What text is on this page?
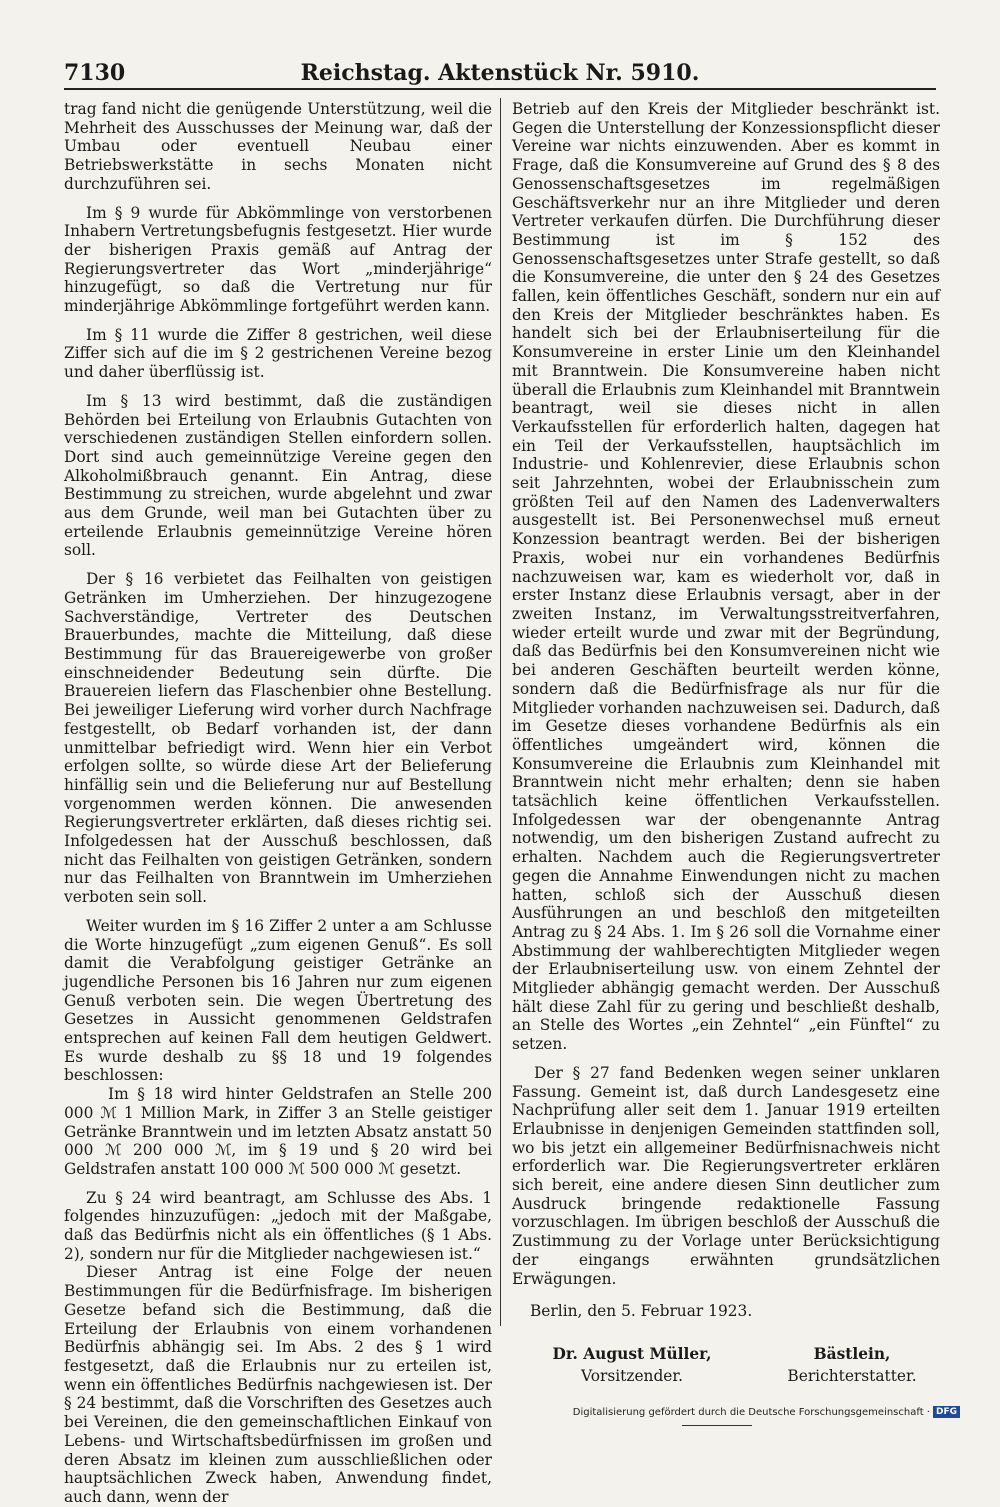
Reichstag. Aktenstück Nr. 5910.
7130

trag fand nicht die genügende Unterstützung, weil die Mehrheit des Ausschusses der Meinung war, daß der Umbau oder eventuell Neubau einer Betriebswerkstätte in sechs Monaten nicht durchzuführen sei.

Im § 9 wurde für Abkömmlinge von verstorbenen Inhabern Vertretungsbefugnis festgesetzt. Hier wurde der bisherigen Praxis gemäß auf Antrag der Regierungsvertreter das Wort „minderjährige“ hinzugefügt, so daß die Vertretung nur für minderjährige Abkömmlinge fortgeführt werden kann.

Im § 11 wurde die Ziffer 8 gestrichen, weil diese Ziffer sich auf die im § 2 gestrichenen Vereine bezog und daher überflüssig ist.

Im § 13 wird bestimmt, daß die zuständigen Behörden bei Erteilung von Erlaubnis Gutachten von verschiedenen zuständigen Stellen einfordern sollen. Dort sind auch gemeinnützige Vereine gegen den Alkoholmißbrauch genannt. Ein Antrag, diese Bestimmung zu streichen, wurde abgelehnt und zwar aus dem Grunde, weil man bei Gutachten über zu erteilende Erlaubnis gemeinnützige Vereine hören soll.

Der § 16 verbietet das Feilhalten von geistigen Getränken im Umherziehen. Der hinzugezogene Sachverständige, Vertreter des Deutschen Brauerbundes, machte die Mitteilung, daß diese Bestimmung für das Brauereigewerbe von großer einschneidender Bedeutung sein dürfte. Die Brauereien liefern das Flaschenbier ohne Bestellung. Bei jeweiliger Lieferung wird vorher durch Nachfrage festgestellt, ob Bedarf vorhanden ist, der dann unmittelbar befriedigt wird. Wenn hier ein Verbot erfolgen sollte, so würde diese Art der Belieferung hinfällig sein und die Belieferung nur auf Bestellung vorgenommen werden können. Die anwesenden Regierungsvertreter erklärten, daß dieses richtig sei. Infolgedessen hat der Ausschuß beschlossen, daß nicht das Feilhalten von geistigen Getränken, sondern nur das Feilhalten von Branntwein im Umherziehen verboten sein soll.

Weiter wurden im § 16 Ziffer 2 unter a am Schlusse die Worte hinzugefügt „zum eigenen Genuß“. Es soll damit die Verabfolgung geistiger Getränke an jugendliche Personen bis 16 Jahren nur zum eigenen Genuß verboten sein. Die wegen Übertretung des Gesetzes in Aussicht genommenen Geldstrafen entsprechen auf keinen Fall dem heutigen Geldwert. Es wurde deshalb zu §§ 18 und 19 folgendes beschlossen:

Im § 18 wird hinter Geldstrafen an Stelle 200 000 ℳ 1 Million Mark, in Ziffer 3 an Stelle geistiger Getränke Branntwein und im letzten Absatz anstatt 50 000 ℳ 200 000 ℳ, im § 19 und § 20 wird bei Geldstrafen anstatt 100 000 ℳ 500 000 ℳ gesetzt.

Zu § 24 wird beantragt, am Schlusse des Abs. 1 folgendes hinzuzufügen: „jedoch mit der Maßgabe, daß das Bedürfnis nicht als ein öffentliches (§ 1 Abs. 2), sondern nur für die Mitglieder nachgewiesen ist.“

Dieser Antrag ist eine Folge der neuen Bestimmungen für die Bedürfnisfrage. Im bisherigen Gesetze befand sich die Bestimmung, daß die Erteilung der Erlaubnis von einem vorhandenen Bedürfnis abhängig sei. Im Abs. 2 des § 1 wird festgesetzt, daß die Erlaubnis nur zu erteilen ist, wenn ein öffentliches Bedürfnis nachgewiesen ist. Der § 24 bestimmt, daß die Vorschriften des Gesetzes auch bei Vereinen, die den gemeinschaftlichen Einkauf von Lebens- und Wirtschaftsbedürfnissen im großen und deren Absatz im kleinen zum ausschließlichen oder hauptsächlichen Zweck haben, Anwendung findet, auch dann, wenn der

Betrieb auf den Kreis der Mitglieder beschränkt ist. Gegen die Unterstellung der Konzessionspflicht dieser Vereine war nichts einzuwenden. Aber es kommt in Frage, daß die Konsumvereine auf Grund des § 8 des Genossenschaftsgesetzes im regelmäßigen Geschäftsverkehr nur an ihre Mitglieder und deren Vertreter verkaufen dürfen. Die Durchführung dieser Bestimmung ist im § 152 des Genossenschaftsgesetzes unter Strafe gestellt, so daß die Konsumvereine, die unter den § 24 des Gesetzes fallen, kein öffentliches Geschäft, sondern nur ein auf den Kreis der Mitglieder beschränktes haben. Es handelt sich bei der Erlaubniserteilung für die Konsumvereine in erster Linie um den Kleinhandel mit Branntwein. Die Konsumvereine haben nicht überall die Erlaubnis zum Kleinhandel mit Branntwein beantragt, weil sie dieses nicht in allen Verkaufsstellen für erforderlich halten, dagegen hat ein Teil der Verkaufsstellen, hauptsächlich im Industrie- und Kohlenrevier, diese Erlaubnis schon seit Jahrzehnten, wobei der Erlaubnisschein zum größten Teil auf den Namen des Ladenverwalters ausgestellt ist. Bei Personenwechsel muß erneut Konzession beantragt werden. Bei der bisherigen Praxis, wobei nur ein vorhandenes Bedürfnis nachzuweisen war, kam es wiederholt vor, daß in erster Instanz diese Erlaubnis versagt, aber in der zweiten Instanz, im Verwaltungsstreitverfahren, wieder erteilt wurde und zwar mit der Begründung, daß das Bedürfnis bei den Konsumvereinen nicht wie bei anderen Geschäften beurteilt werden könne, sondern daß die Bedürfnisfrage als nur für die Mitglieder vorhanden nachzuweisen sei. Dadurch, daß im Gesetze dieses vorhandene Bedürfnis als ein öffentliches umgeändert wird, können die Konsumvereine die Erlaubnis zum Kleinhandel mit Branntwein nicht mehr erhalten; denn sie haben tatsächlich keine öffentlichen Verkaufsstellen. Infolgedessen war der obengenannte Antrag notwendig, um den bisherigen Zustand aufrecht zu erhalten. Nachdem auch die Regierungsvertreter gegen die Annahme Einwendungen nicht zu machen hatten, schloß sich der Ausschuß diesen Ausführungen an und beschloß den mitgeteilten Antrag zu § 24 Abs. 1. Im § 26 soll die Vornahme einer Abstimmung der wahlberechtigten Mitglieder wegen der Erlaubniserteilung usw. von einem Zehntel der Mitglieder abhängig gemacht werden. Der Ausschuß hält diese Zahl für zu gering und beschließt deshalb, an Stelle des Wortes „ein Zehntel“ „ein Fünftel“ zu setzen.

Der § 27 fand Bedenken wegen seiner unklaren Fassung. Gemeint ist, daß durch Landesgesetz eine Nachprüfung aller seit dem 1. Januar 1919 erteilten Erlaubnisse in denjenigen Gemeinden stattfinden soll, wo bis jetzt ein allgemeiner Bedürfnisnachweis nicht erforderlich war. Die Regierungsvertreter erklären sich bereit, eine andere diesen Sinn deutlicher zum Ausdruck bringende redaktionelle Fassung vorzuschlagen. Im übrigen beschloß der Ausschuß die Zustimmung zu der Vorlage unter Berücksichtigung der eingangs erwähnten grundsätzlichen Erwägungen.

Berlin, den 5. Februar 1923.
Dr. August Müller,
Vorsitzender.
Bästlein,
Berichterstatter.
Digitalisierung gefördert durch die Deutsche Forschungsgemeinschaft · DFG
